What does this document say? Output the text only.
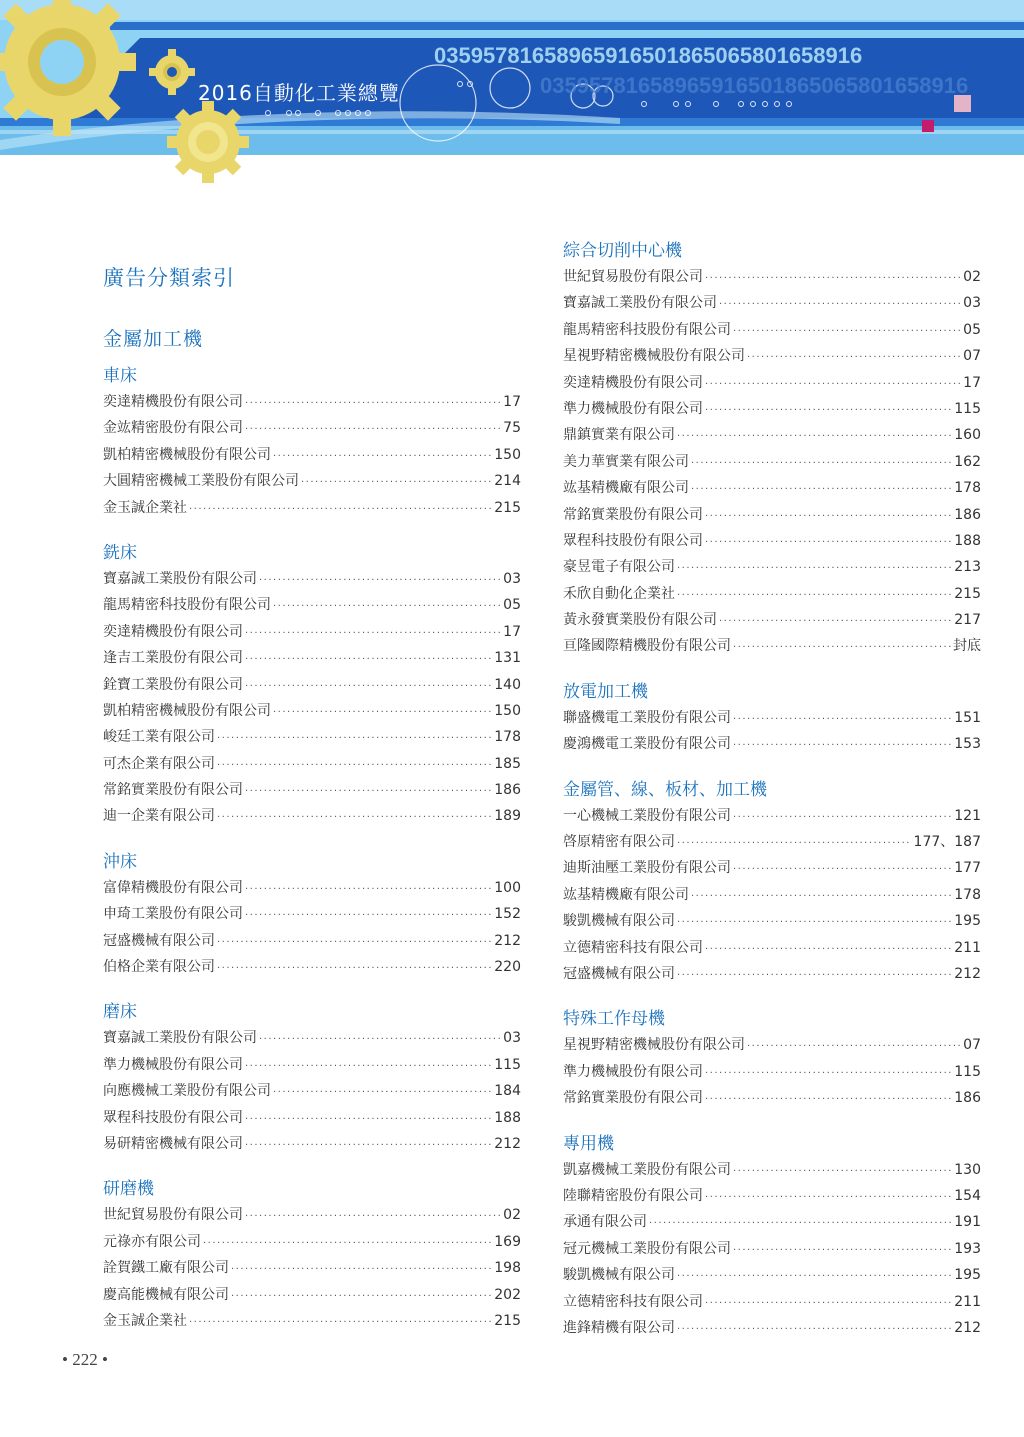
035957816589659165018650658016589​16
035957816589659165018650658016589​16
2016自動化工業總覽
廣告分類索引
金屬加工機
車床
奕達精機股份有限公司 ·····	17
金竑精密股份有限公司 ·····	75
凱柏精密機械股份有限公司 ·····	150
大圓精密機械工業股份有限公司 ·····	214
金玉誠企業社 ·····	215
銑床
寶嘉誠工業股份有限公司 ·····	03
龍馬精密科技股份有限公司 ·····	05
奕達精機股份有限公司 ·····	17
逢吉工業股份有限公司 ·····	131
銓寶工業股份有限公司 ·····	140
凱柏精密機械股份有限公司 ·····	150
峻廷工業有限公司 ·····	178
可杰企業有限公司 ·····	185
常銘實業股份有限公司 ·····	186
迪一企業有限公司 ·····	189
沖床
富偉精機股份有限公司 ·····	100
申琦工業股份有限公司 ·····	152
冠盛機械有限公司 ·····	212
伯格企業有限公司 ·····	220
磨床
寶嘉誠工業股份有限公司 ·····	03
準力機械股份有限公司 ·····	115
向應機械工業股份有限公司 ·····	184
眾程科技股份有限公司 ·····	188
易研精密機械有限公司 ·····	212
研磨機
世紀貿易股份有限公司 ·····	02
元祿亦有限公司 ·····	169
詮賀鐵工廠有限公司 ·····	198
慶高能機械有限公司 ·····	202
金玉誠企業社 ·····	215
綜合切削中心機
世紀貿易股份有限公司 ·····	02
寶嘉誠工業股份有限公司 ·····	03
龍馬精密科技股份有限公司 ·····	05
星視野精密機械股份有限公司 ·····	07
奕達精機股份有限公司 ·····	17
準力機械股份有限公司 ·····	115
鼎鎮實業有限公司 ·····	160
美力華實業有限公司 ·····	162
竑基精機廠有限公司 ·····	178
常銘實業股份有限公司 ·····	186
眾程科技股份有限公司 ·····	188
豪昱電子有限公司 ·····	213
禾欣自動化企業社 ·····	215
黃永發實業股份有限公司 ·····	217
亘隆國際精機股份有限公司 ·····	封底
放電加工機
聯盛機電工業股份有限公司 ·····	151
慶鴻機電工業股份有限公司 ·····	153
金屬管、線、板材、加工機
一心機械工業股份有限公司 ·····	121
啓原精密有限公司 ·····	177、187
迪斯油壓工業股份有限公司 ·····	177
竑基精機廠有限公司 ·····	178
駿凱機械有限公司 ·····	195
立德精密科技有限公司 ·····	211
冠盛機械有限公司 ·····	212
特殊工作母機
星視野精密機械股份有限公司 ·····	07
準力機械股份有限公司 ·····	115
常銘實業股份有限公司 ·····	186
專用機
凱嘉機械工業股份有限公司 ·····	130
陸聯精密股份有限公司 ·····	154
承通有限公司 ·····	191
冠元機械工業股份有限公司 ·····	193
駿凱機械有限公司 ·····	195
立德精密科技有限公司 ·····	211
進鋒精機有限公司 ·····	212
• 222 •
